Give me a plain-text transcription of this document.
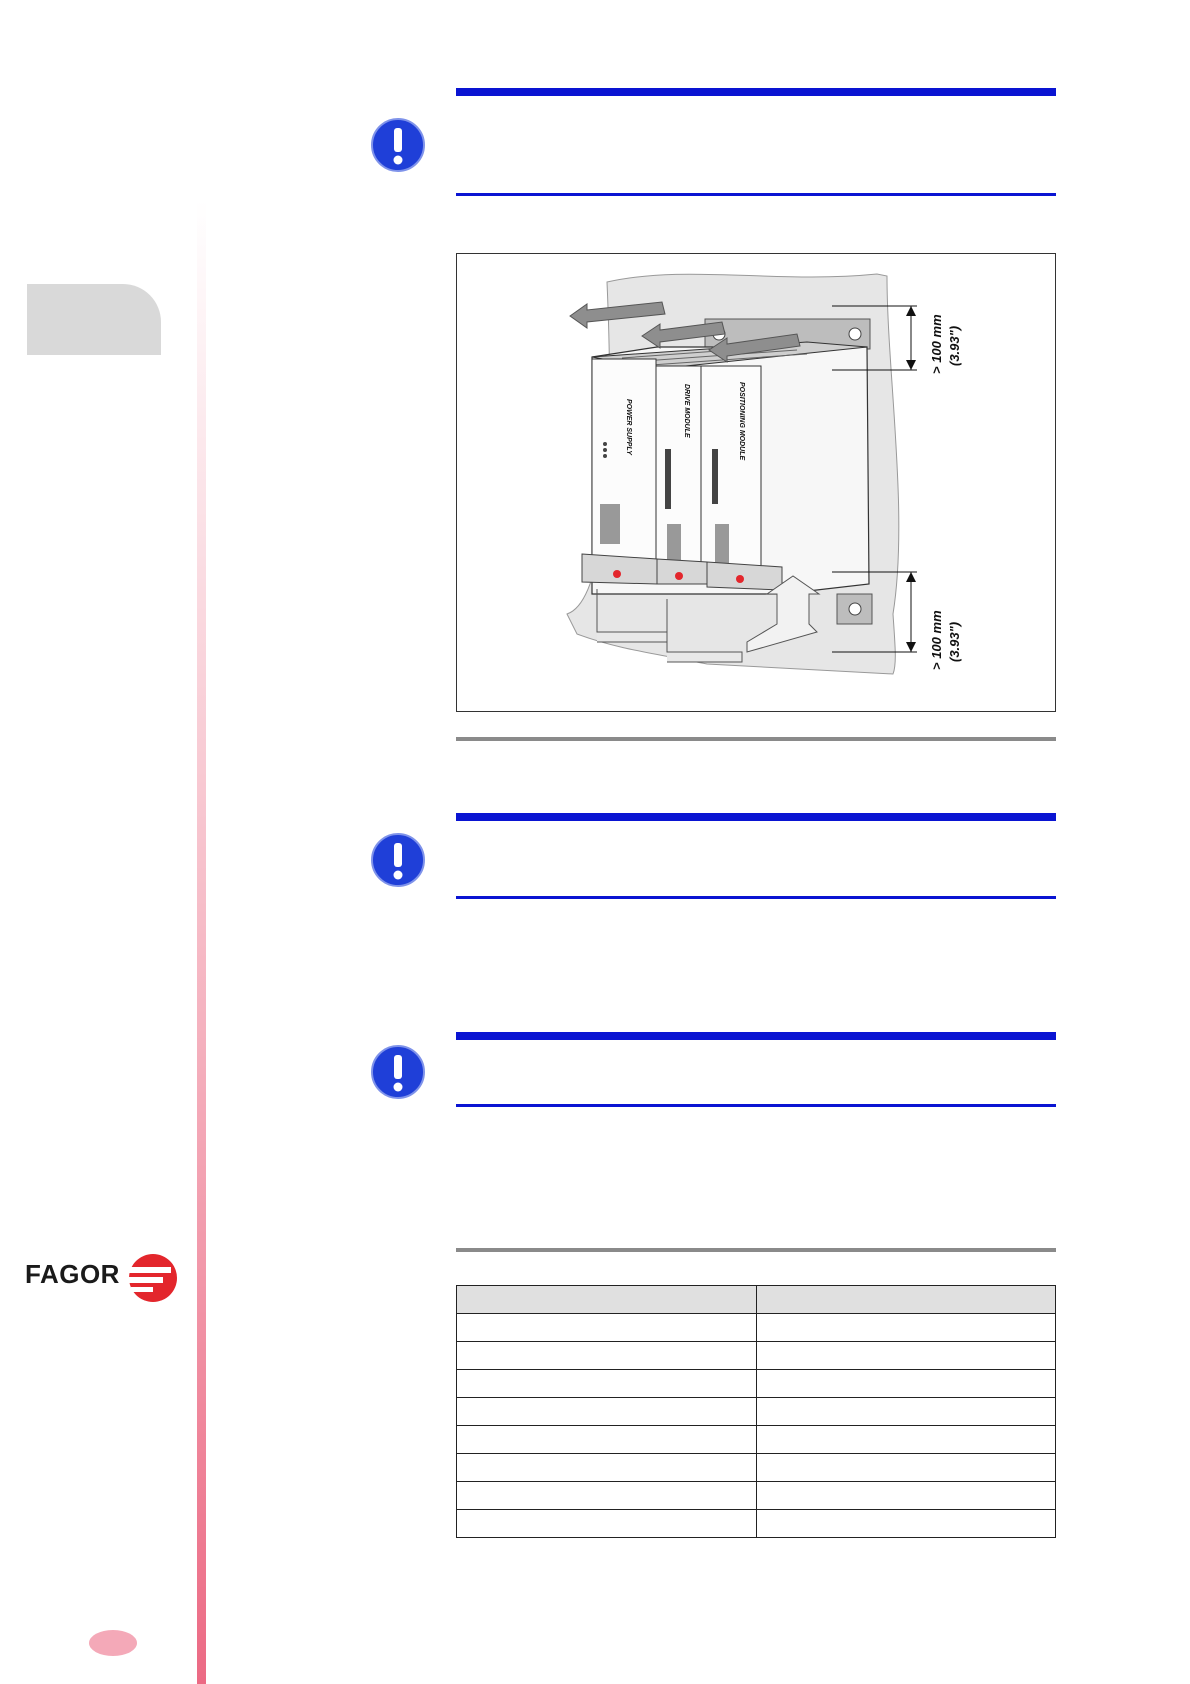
FAGOR
POWER SUPPLY	DRIVE MODULE	POSITIONING MODULE
> 100 mm (3.93")
> 100 mm (3.93")
